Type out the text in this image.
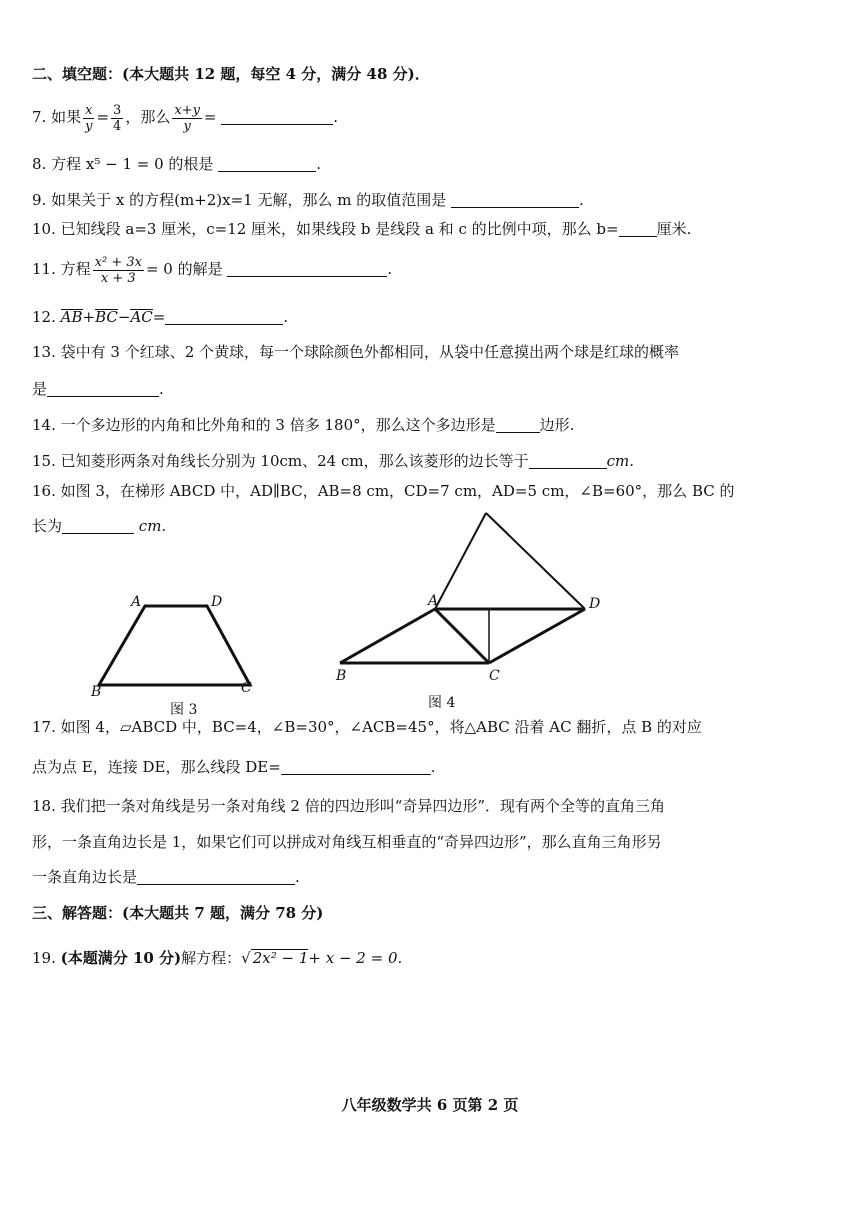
二、填空题：(本大题共 12 题，每空 4 分，满分 48 分)．
7. 如果 $\frac{x}{y} = \frac{3}{4}$ ，那么 $\frac{x+y}{y}$ =	.
8. 方程 x⁵ − 1 = 0 的根是	.
9. 如果关于 x 的方程(m+2)x=1 无解，那么 m 的取值范围是	.
10. 已知线段 a=3 厘米，c=12 厘米，如果线段 b 是线段 a 和 c 的比例中项，那么 b=	厘米.
11. 方程 $\frac{\text{x² + 3x}}{x + 3} = 0$ 的解是	.
12. AB+BC−AC=	.
13. 袋中有 3 个红球、2 个黄球，每一个球除颜色外都相同，从袋中任意摸出两个球是红球的概率
是	.
14. 一个多边形的内角和比外角和的 3 倍多 180°，那么这个多边形是	边形.
15. 已知菱形两条对角线长分别为 10cm、24 cm，那么该菱形的边长等于	cm.
16. 如图 3，在梯形 ABCD 中，AD∥BC，AB=8 cm，CD=7 cm，AD=5 cm，∠B=60°，那么 BC 的
长为	cm.
A	D
B	C
图 3
A	D
B	C
图 4
17. 如图 4，▱ABCD 中，BC=4，∠B=30°，∠ACB=45°，将△ABC 沿着 AC 翻折，点 B 的对应
点为点 E，连接 DE，那么线段 DE=	.
18. 我们把一条对角线是另一条对角线 2 倍的四边形叫“奇异四边形”．现有两个全等的直角三角
形，一条直角边长是 1，如果它们可以拼成对角线互相垂直的“奇异四边形”，那么直角三角形另
一条直角边长是	.
三、解答题：(本大题共 7 题，满分 78 分)
19. (本题满分 10 分)解方程：√ 2x² − 1+ x − 2 = 0.
八年级数学共 6 页第 2 页
